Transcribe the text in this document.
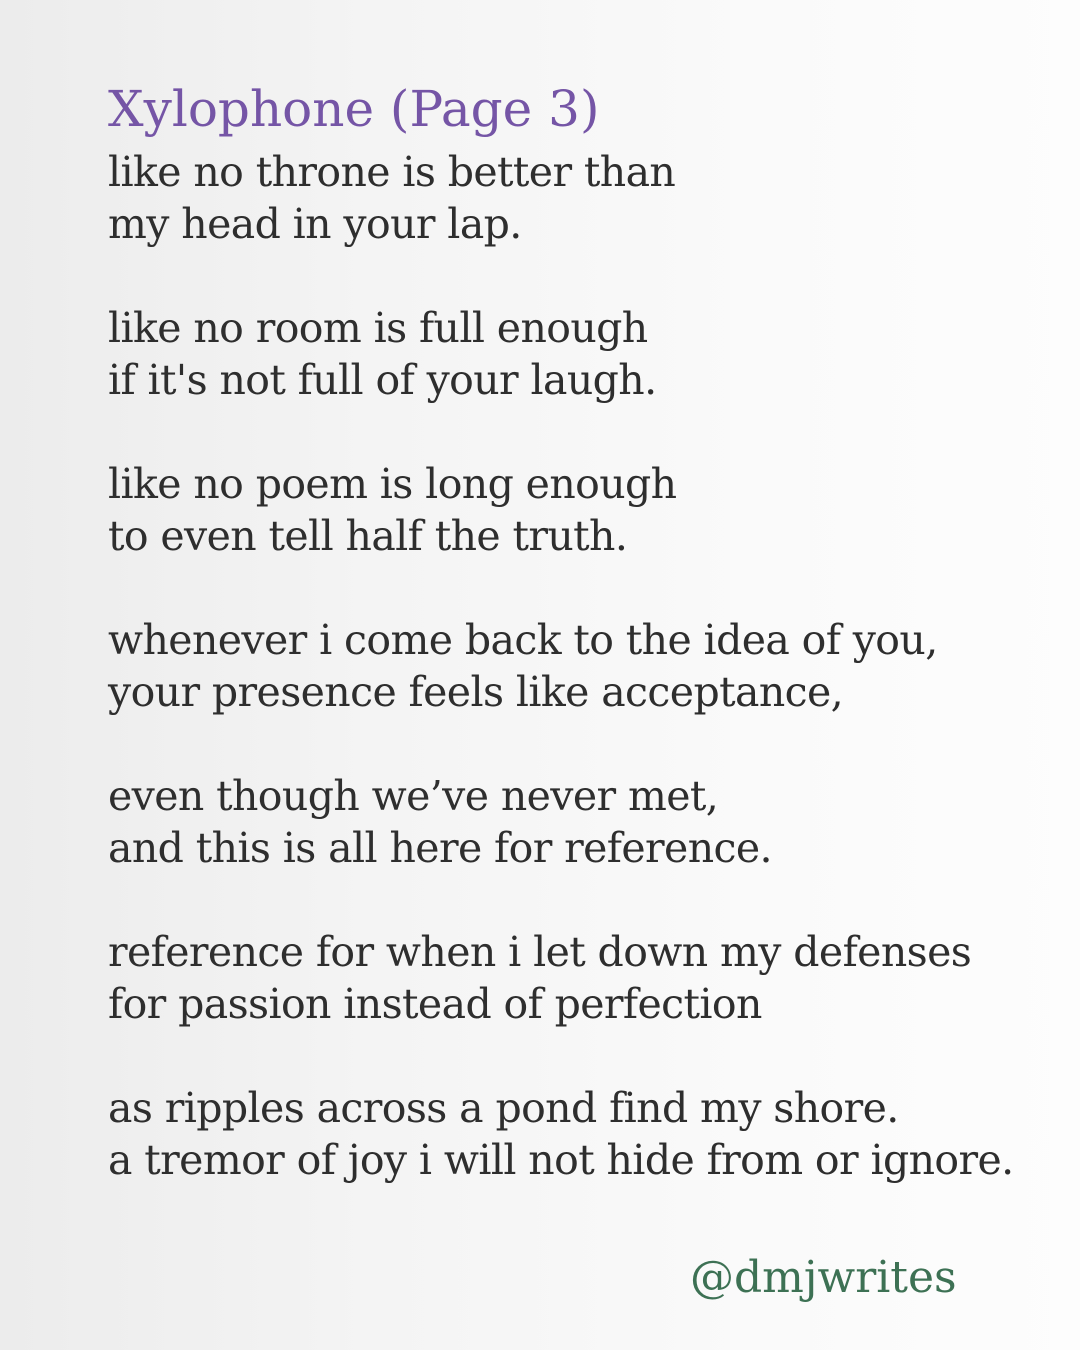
Xylophone (Page 3)

like no throne is better than
my head in your lap.

like no room is full enough
if it's not full of your laugh.

like no poem is long enough
to even tell half the truth.

whenever i come back to the idea of you,
your presence feels like acceptance,

even though we’ve never met,
and this is all here for reference.

reference for when i let down my defenses
for passion instead of perfection

as ripples across a pond find my shore.
a tremor of joy i will not hide from or ignore.

@dmjwrites
